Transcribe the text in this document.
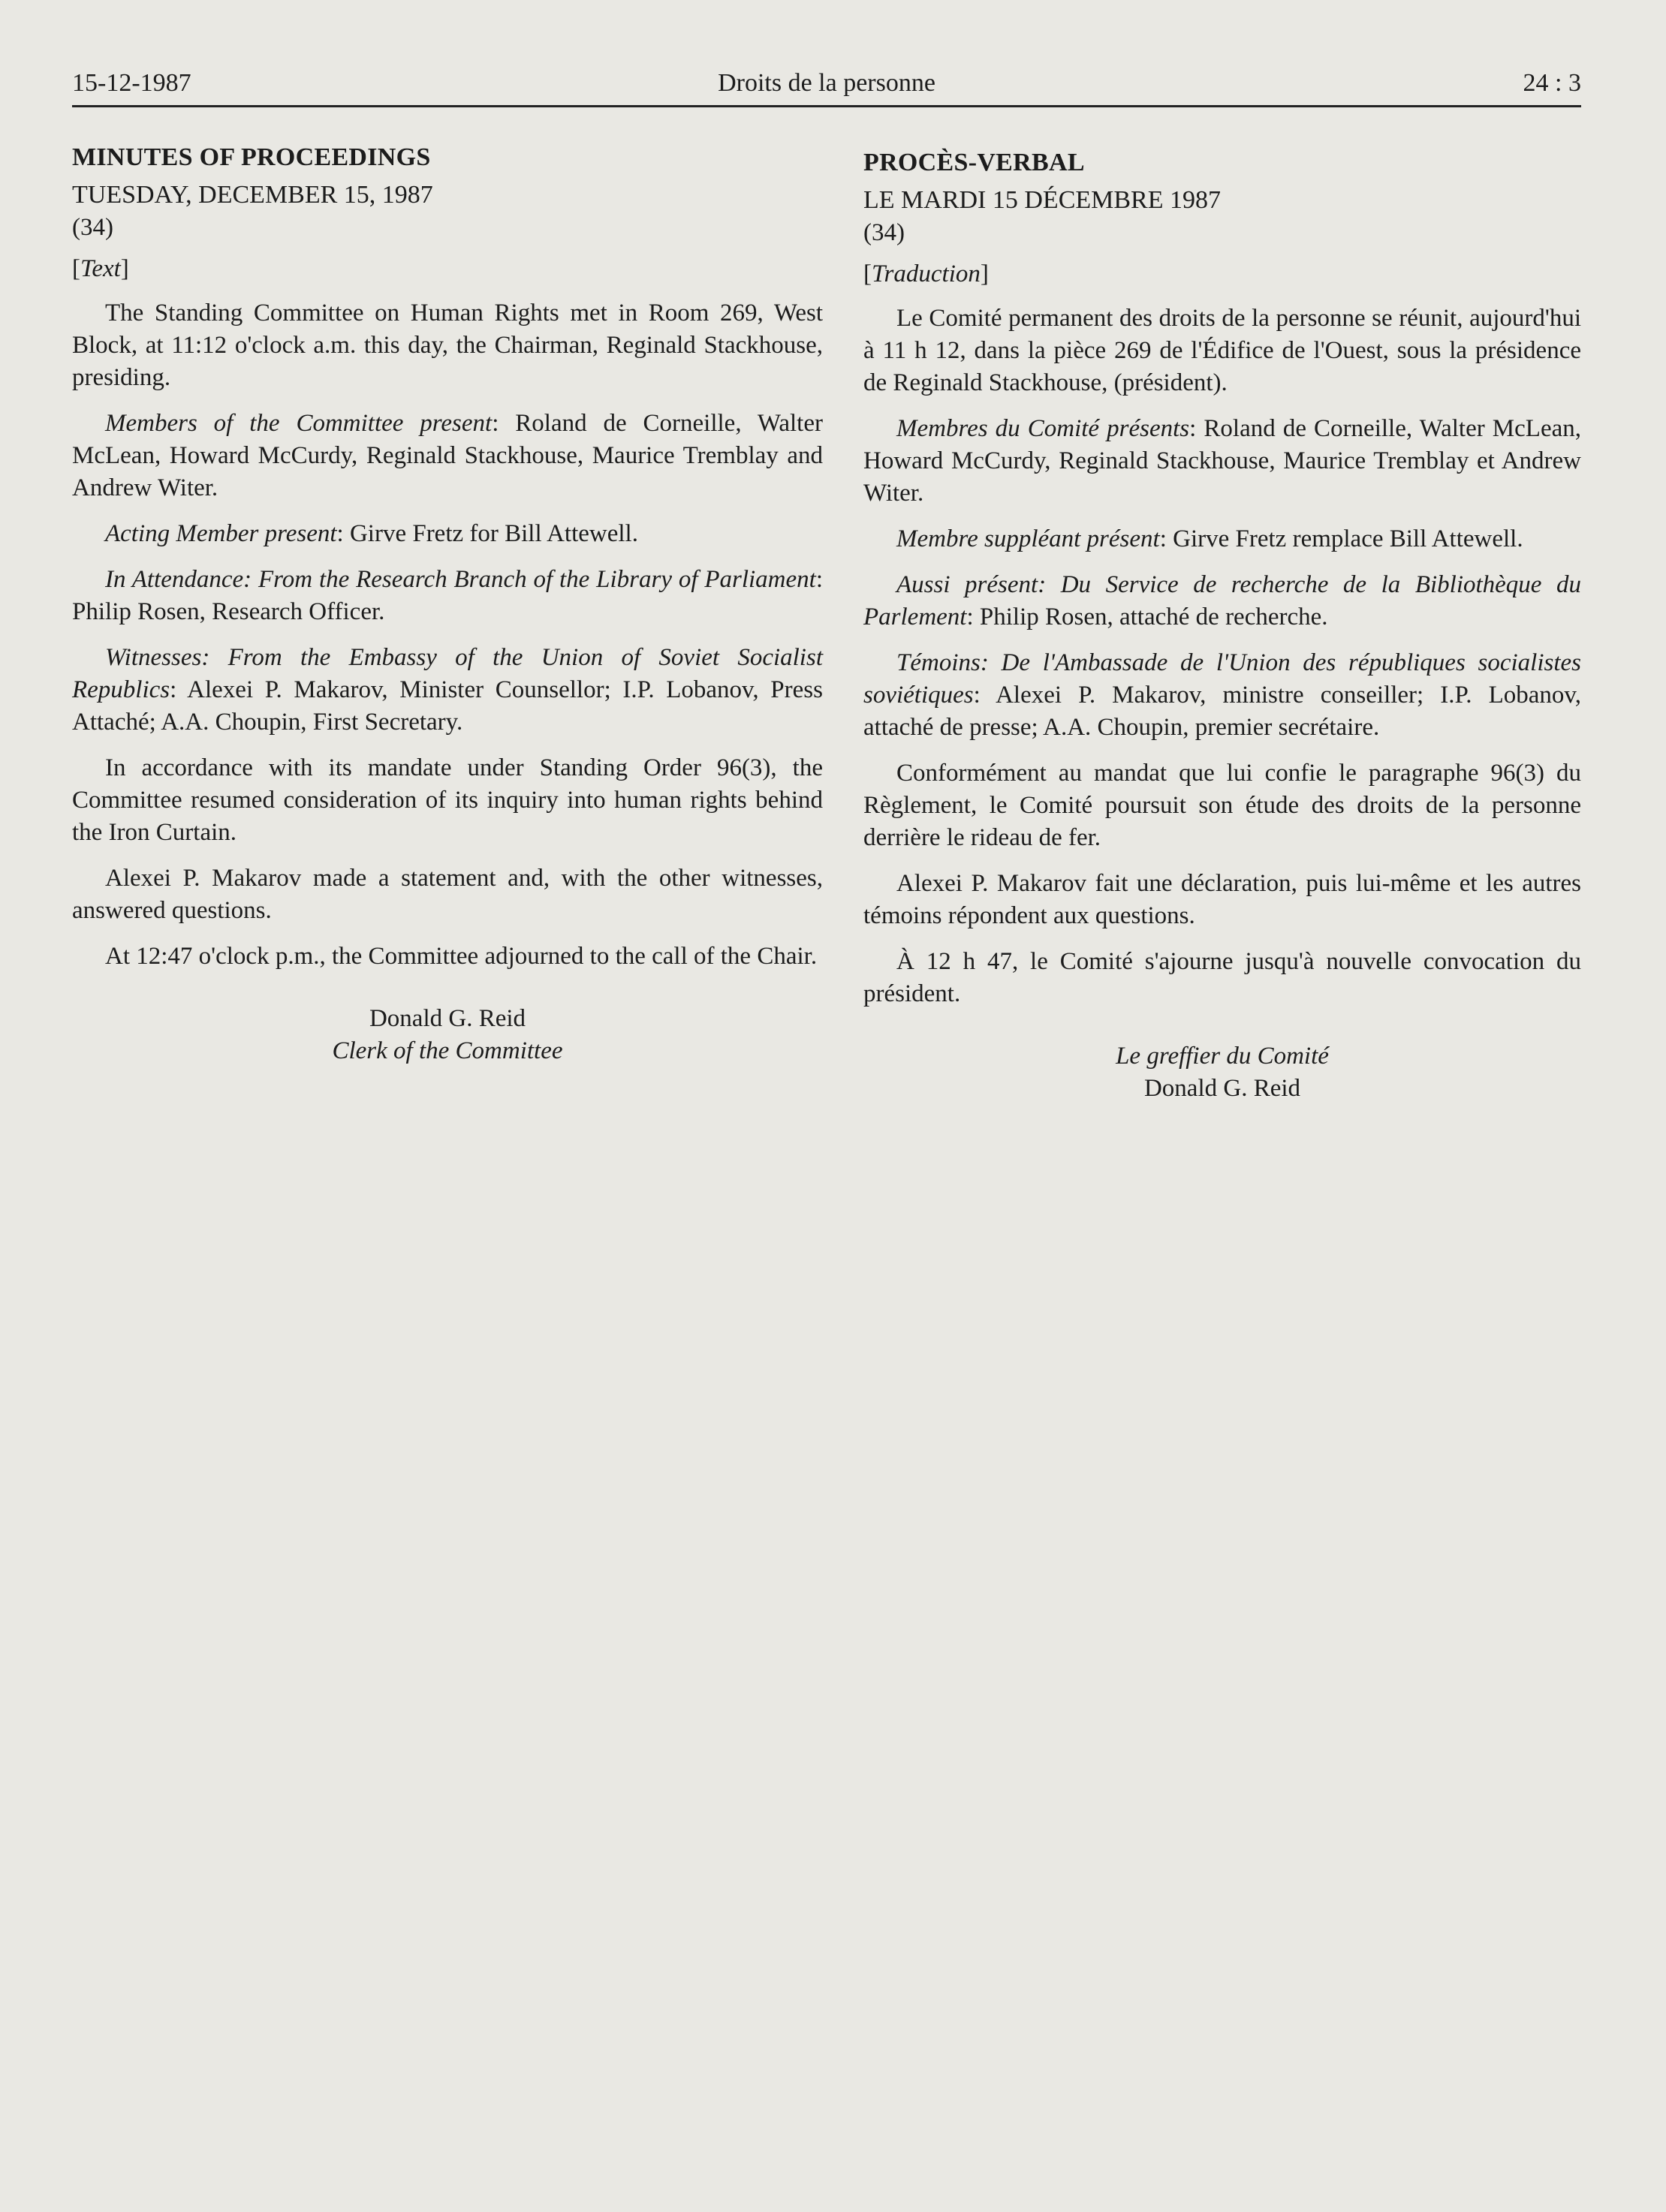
15-12-1987	Droits de la personne	24 : 3
MINUTES OF PROCEEDINGS
TUESDAY, DECEMBER 15, 1987
(34)
[Text]

The Standing Committee on Human Rights met in Room 269, West Block, at 11:12 o'clock a.m. this day, the Chairman, Reginald Stackhouse, presiding.

Members of the Committee present: Roland de Corneille, Walter McLean, Howard McCurdy, Reginald Stackhouse, Maurice Tremblay and Andrew Witer.

Acting Member present: Girve Fretz for Bill Attewell.

In Attendance: From the Research Branch of the Library of Parliament: Philip Rosen, Research Officer.

Witnesses: From the Embassy of the Union of Soviet Socialist Republics: Alexei P. Makarov, Minister Counsellor; I.P. Lobanov, Press Attaché; A.A. Choupin, First Secretary.

In accordance with its mandate under Standing Order 96(3), the Committee resumed consideration of its inquiry into human rights behind the Iron Curtain.

Alexei P. Makarov made a statement and, with the other witnesses, answered questions.

At 12:47 o'clock p.m., the Committee adjourned to the call of the Chair.

Donald G. Reid
Clerk of the Committee
PROCÈS-VERBAL
LE MARDI 15 DÉCEMBRE 1987
(34)
[Traduction]

Le Comité permanent des droits de la personne se réunit, aujourd'hui à 11 h 12, dans la pièce 269 de l'Édifice de l'Ouest, sous la présidence de Reginald Stackhouse, (président).

Membres du Comité présents: Roland de Corneille, Walter McLean, Howard McCurdy, Reginald Stackhouse, Maurice Tremblay et Andrew Witer.

Membre suppléant présent: Girve Fretz remplace Bill Attewell.

Aussi présent: Du Service de recherche de la Bibliothèque du Parlement: Philip Rosen, attaché de recherche.

Témoins: De l'Ambassade de l'Union des républiques socialistes soviétiques: Alexei P. Makarov, ministre conseiller; I.P. Lobanov, attaché de presse; A.A. Choupin, premier secrétaire.

Conformément au mandat que lui confie le paragraphe 96(3) du Règlement, le Comité poursuit son étude des droits de la personne derrière le rideau de fer.

Alexei P. Makarov fait une déclaration, puis lui-même et les autres témoins répondent aux questions.

À 12 h 47, le Comité s'ajourne jusqu'à nouvelle convocation du président.

Le greffier du Comité
Donald G. Reid
